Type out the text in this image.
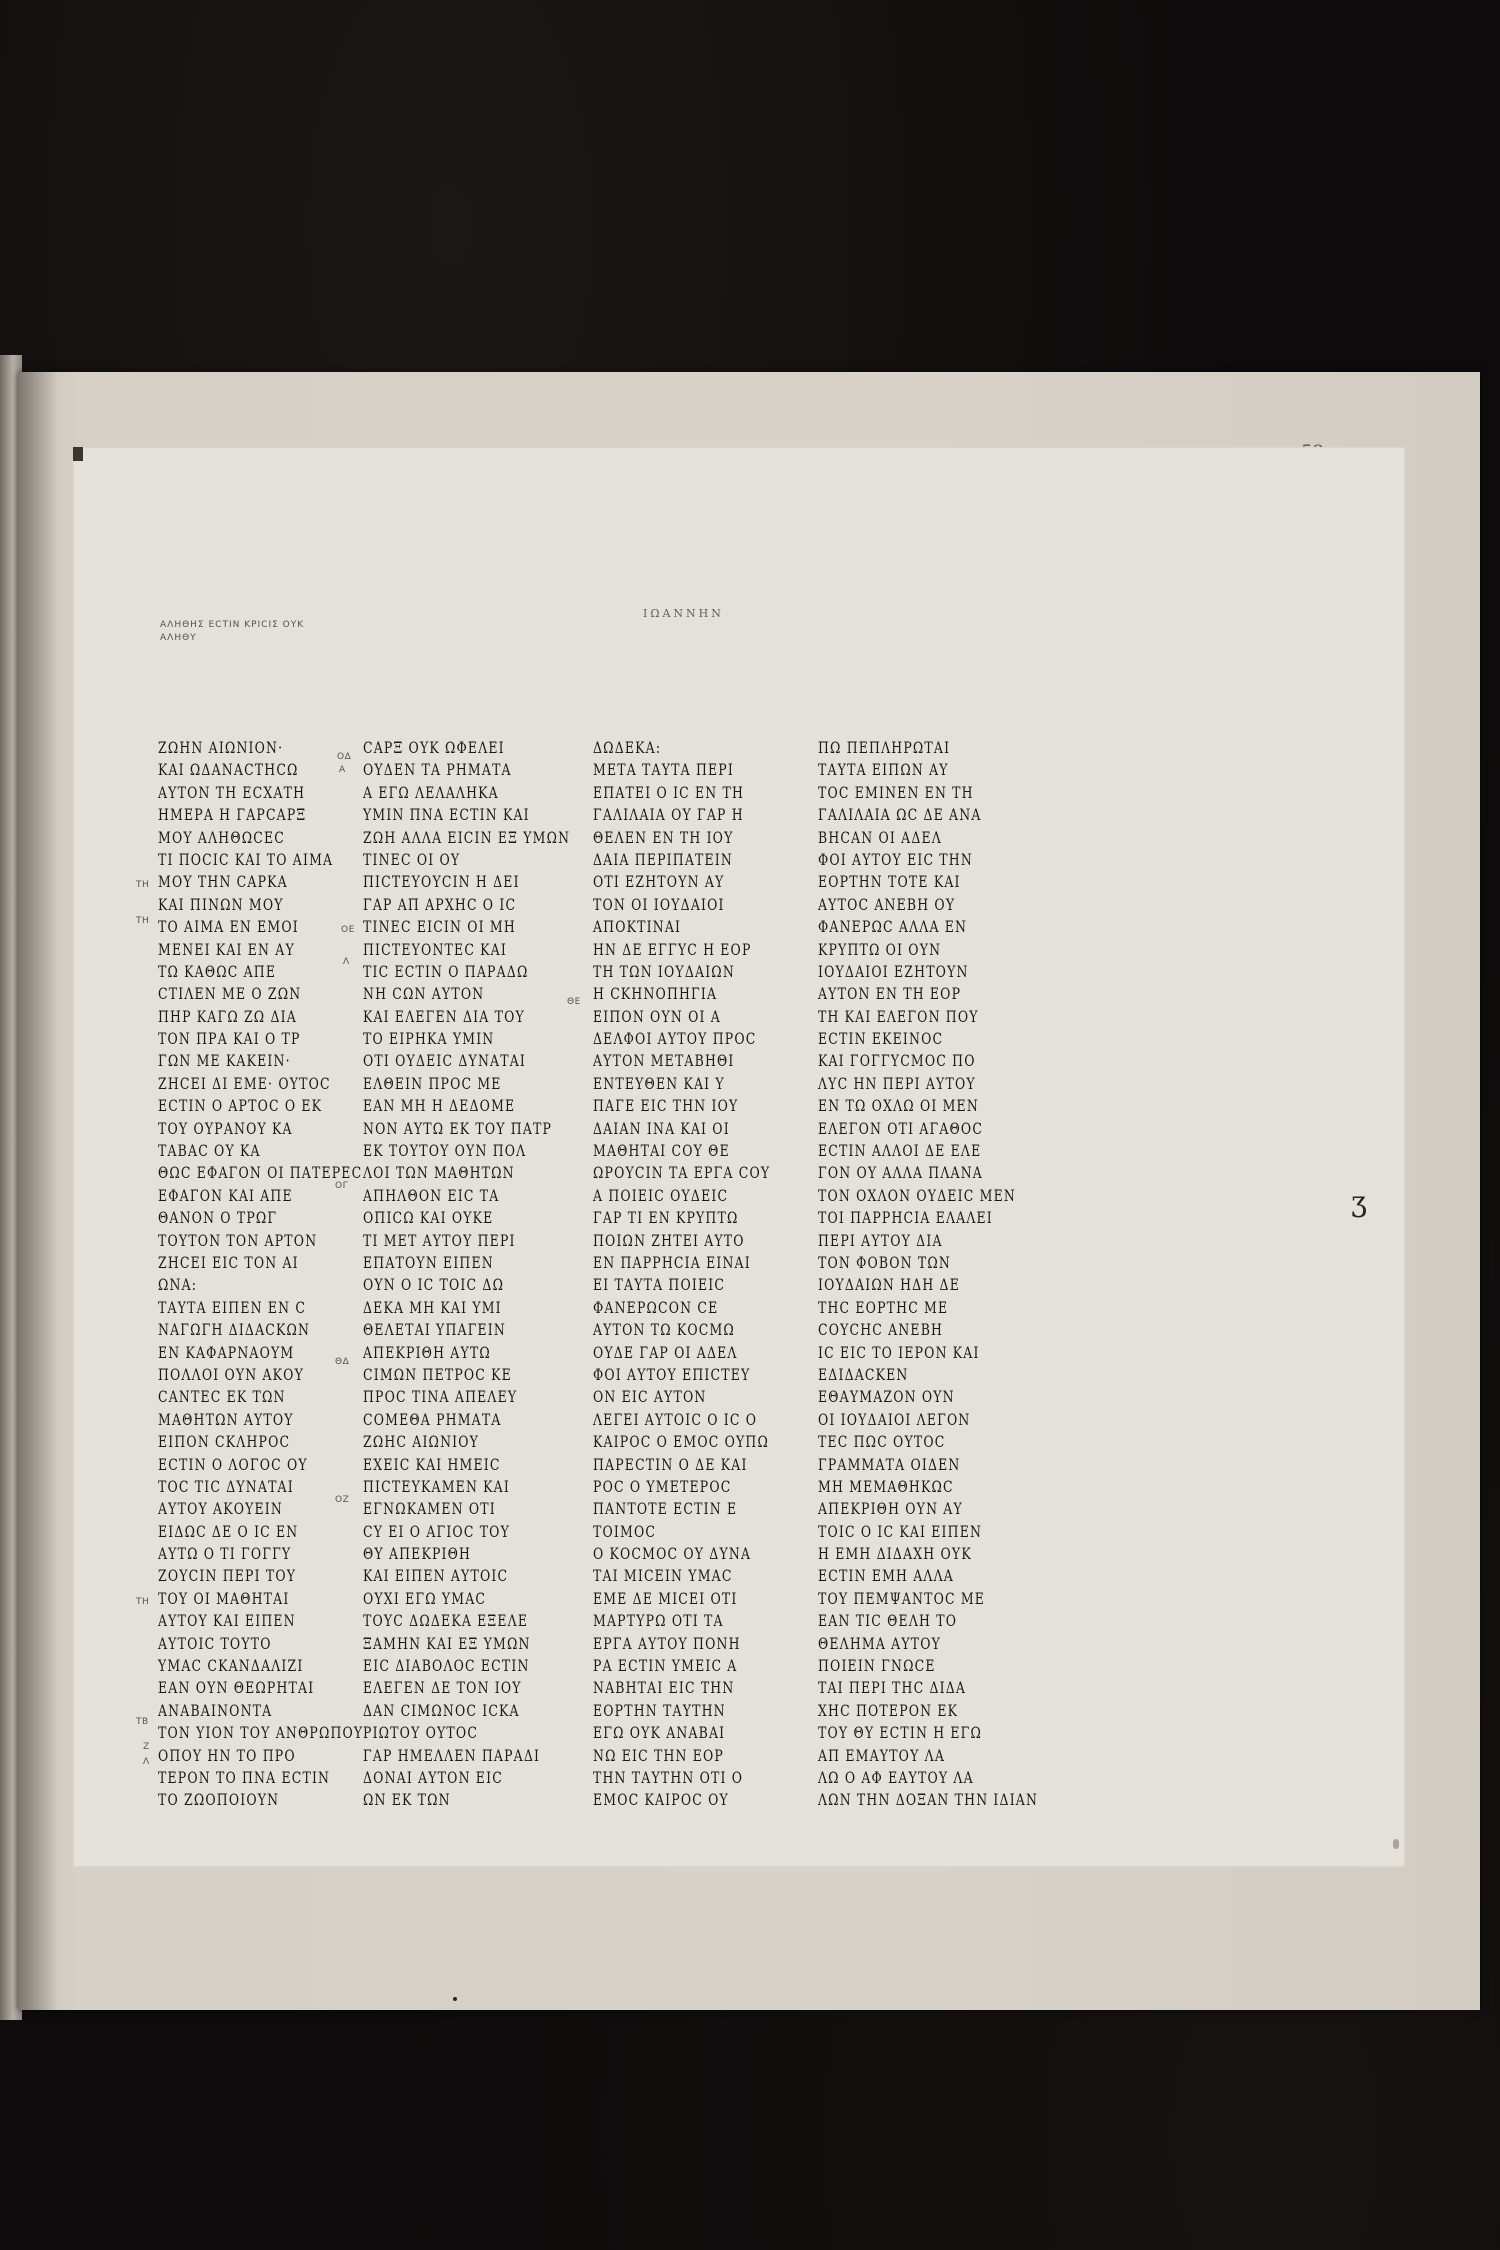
ΙΩΑΝΝΗΝ
ΑΛΗΘΗΣ ΕCΤΙΝ ΚΡΙCΙΣ ΟΥΚ
ΑΛΗΘΥ
ΤΗ
ΤΗ
ΤΗ
ΤΒ
Ζ
Λ
ΟΔ
Α
ΟΕ
Λ
ΟΓ
ΘΔ
ΟΖ
ΘΕ
ΖΩΗΝ ΑΙΩΝΙΟΝ·
ΚΑΙ ΩΔΑΝΑCΤΗCΩ
ΑΥΤΟΝ ΤΗ ΕCΧΑΤΗ
ΗΜΕΡΑ Η ΓΑΡCΑΡΞ
ΜΟΥ ΑΛΗΘΩCΕC
ΤΙ ΠΟCΙC ΚΑΙ ΤΟ ΑΙΜΑ
ΜΟΥ ΤΗΝ CΑΡΚΑ
ΚΑΙ ΠΙΝΩΝ ΜΟΥ
ΤΟ ΑΙΜΑ ΕΝ ΕΜΟΙ
ΜΕΝΕΙ ΚΑΙ ΕΝ ΑΥ
ΤΩ ΚΑΘΩC ΑΠΕ
CΤΙΛΕΝ ΜΕ Ο ΖΩΝ
ΠΗΡ ΚΑΓΩ ΖΩ ΔΙΑ
ΤΟΝ ΠΡΑ ΚΑΙ Ο ΤΡ
ΓΩΝ ΜΕ ΚΑΚΕΙΝ·
ΖΗCΕΙ ΔΙ ΕΜΕ· ΟΥΤΟC
ΕCΤΙΝ Ο ΑΡΤΟC Ο ΕΚ
ΤΟΥ ΟΥΡΑΝΟΥ ΚΑ
ΤΑΒΑC ΟΥ ΚΑ
ΘΩC ΕΦΑΓΟΝ ΟΙ ΠΑΤΕΡΕC
ΕΦΑΓΟΝ ΚΑΙ ΑΠΕ
ΘΑΝΟΝ Ο ΤΡΩΓ
ΤΟΥΤΟΝ ΤΟΝ ΑΡΤΟΝ
ΖΗCΕΙ ΕΙC ΤΟΝ ΑΙ
ΩΝΑ:
ΤΑΥΤΑ ΕΙΠΕΝ ΕΝ C
ΝΑΓΩΓΗ ΔΙΔΑCΚΩΝ
ΕΝ ΚΑΦΑΡΝΑΟΥΜ
ΠΟΛΛΟΙ ΟΥΝ ΑΚΟΥ
CΑΝΤΕC ΕΚ ΤΩΝ
ΜΑΘΗΤΩΝ ΑΥΤΟΥ
ΕΙΠΟΝ CΚΛΗΡΟC
ΕCΤΙΝ Ο ΛΟΓΟC ΟΥ
ΤΟC ΤΙC ΔΥΝΑΤΑΙ
ΑΥΤΟΥ ΑΚΟΥΕΙΝ
ΕΙΔΩC ΔΕ Ο ΙC ΕΝ
ΑΥΤΩ Ο ΤΙ ΓΟΓΓΥ
ΖΟΥCΙΝ ΠΕΡΙ ΤΟΥ
ΤΟΥ ΟΙ ΜΑΘΗΤΑΙ
ΑΥΤΟΥ ΚΑΙ ΕΙΠΕΝ
ΑΥΤΟΙC ΤΟΥΤΟ
ΥΜΑC CΚΑΝΔΑΛΙΖΙ
ΕΑΝ ΟΥΝ ΘΕΩΡΗΤΑΙ
ΑΝΑΒΑΙΝΟΝΤΑ
ΤΟΝ ΥΙΟΝ ΤΟΥ ΑΝΘΡΩΠΟΥ
ΟΠΟΥ ΗΝ ΤΟ ΠΡΟ
ΤΕΡΟΝ ΤΟ ΠΝΑ ΕCΤΙΝ
ΤΟ ΖΩΟΠΟΙΟΥΝ
CΑΡΞ ΟΥΚ ΩΦΕΛΕΙ
ΟΥΔΕΝ ΤΑ ΡΗΜΑΤΑ
Α ΕΓΩ ΛΕΛΑΛΗΚΑ
ΥΜΙΝ ΠΝΑ ΕCΤΙΝ ΚΑΙ
ΖΩΗ ΑΛΛΑ ΕΙCΙΝ ΕΞ ΥΜΩΝ
ΤΙΝΕC ΟΙ ΟΥ
ΠΙCΤΕΥΟΥCΙΝ Η ΔΕΙ
ΓΑΡ ΑΠ ΑΡΧΗC Ο ΙC
ΤΙΝΕC ΕΙCΙΝ ΟΙ ΜΗ
ΠΙCΤΕΥΟΝΤΕC ΚΑΙ
ΤΙC ΕCΤΙΝ Ο ΠΑΡΑΔΩ
ΝΗ CΩΝ ΑΥΤΟΝ
ΚΑΙ ΕΛΕΓΕΝ ΔΙΑ ΤΟΥ
ΤΟ ΕΙΡΗΚΑ ΥΜΙΝ
ΟΤΙ ΟΥΔΕΙC ΔΥΝΑΤΑΙ
ΕΛΘΕΙΝ ΠΡΟC ΜΕ
ΕΑΝ ΜΗ Η ΔΕΔΟΜΕ
ΝΟΝ ΑΥΤΩ ΕΚ ΤΟΥ ΠΑΤΡ
ΕΚ ΤΟΥΤΟΥ ΟΥΝ ΠΟΛ
ΛΟΙ ΤΩΝ ΜΑΘΗΤΩΝ
ΑΠΗΛΘΟΝ ΕΙC ΤΑ
ΟΠΙCΩ ΚΑΙ ΟΥΚΕ
ΤΙ ΜΕΤ ΑΥΤΟΥ ΠΕΡΙ
ΕΠΑΤΟΥΝ ΕΙΠΕΝ
ΟΥΝ Ο ΙC ΤΟΙC ΔΩ
ΔΕΚΑ ΜΗ ΚΑΙ ΥΜΙ
ΘΕΛΕΤΑΙ ΥΠΑΓΕΙΝ
ΑΠΕΚΡΙΘΗ ΑΥΤΩ
CΙΜΩΝ ΠΕΤΡΟC ΚΕ
ΠΡΟC ΤΙΝΑ ΑΠΕΛΕΥ
CΟΜΕΘΑ ΡΗΜΑΤΑ
ΖΩΗC ΑΙΩΝΙΟΥ
ΕΧΕΙC ΚΑΙ ΗΜΕΙC
ΠΙCΤΕΥΚΑΜΕΝ ΚΑΙ
ΕΓΝΩΚΑΜΕΝ ΟΤΙ
CΥ ΕΙ Ο ΑΓΙΟC ΤΟΥ
ΘΥ ΑΠΕΚΡΙΘΗ
ΚΑΙ ΕΙΠΕΝ ΑΥΤΟΙC
ΟΥΧΙ ΕΓΩ ΥΜΑC
ΤΟΥC ΔΩΔΕΚΑ ΕΞΕΛΕ
ΞΑΜΗΝ ΚΑΙ ΕΞ ΥΜΩΝ
ΕΙC ΔΙΑΒΟΛΟC ΕCΤΙΝ
ΕΛΕΓΕΝ ΔΕ ΤΟΝ ΙΟΥ
ΔΑΝ CΙΜΩΝΟC ΙCΚΑ
ΡΙΩΤΟΥ ΟΥΤΟC
ΓΑΡ ΗΜΕΛΛΕΝ ΠΑΡΑΔΙ
ΔΟΝΑΙ ΑΥΤΟΝ ΕΙC
ΩΝ ΕΚ ΤΩΝ
ΔΩΔΕΚΑ:
ΜΕΤΑ ΤΑΥΤΑ ΠΕΡΙ
ΕΠΑΤΕΙ Ο ΙC ΕΝ ΤΗ
ΓΑΛΙΛΑΙΑ ΟΥ ΓΑΡ Η
ΘΕΛΕΝ ΕΝ ΤΗ ΙΟΥ
ΔΑΙΑ ΠΕΡΙΠΑΤΕΙΝ
ΟΤΙ ΕΖΗΤΟΥΝ ΑΥ
ΤΟΝ ΟΙ ΙΟΥΔΑΙΟΙ
ΑΠΟΚΤΙΝΑΙ
ΗΝ ΔΕ ΕΓΓΥC Η ΕΟΡ
ΤΗ ΤΩΝ ΙΟΥΔΑΙΩΝ
Η CΚΗΝΟΠΗΓΙΑ
ΕΙΠΟΝ ΟΥΝ ΟΙ Α
ΔΕΛΦΟΙ ΑΥΤΟΥ ΠΡΟC
ΑΥΤΟΝ ΜΕΤΑΒΗΘΙ
ΕΝΤΕΥΘΕΝ ΚΑΙ Υ
ΠΑΓΕ ΕΙC ΤΗΝ ΙΟΥ
ΔΑΙΑΝ ΙΝΑ ΚΑΙ ΟΙ
ΜΑΘΗΤΑΙ CΟΥ ΘΕ
ΩΡΟΥCΙΝ ΤΑ ΕΡΓΑ CΟΥ
Α ΠΟΙΕΙC ΟΥΔΕΙC
ΓΑΡ ΤΙ ΕΝ ΚΡΥΠΤΩ
ΠΟΙΩΝ ΖΗΤΕΙ ΑΥΤΟ
ΕΝ ΠΑΡΡΗCΙΑ ΕΙΝΑΙ
ΕΙ ΤΑΥΤΑ ΠΟΙΕΙC
ΦΑΝΕΡΩCΟΝ CΕ
ΑΥΤΟΝ ΤΩ ΚΟCΜΩ
ΟΥΔΕ ΓΑΡ ΟΙ ΑΔΕΛ
ΦΟΙ ΑΥΤΟΥ ΕΠΙCΤΕΥ
ΟΝ ΕΙC ΑΥΤΟΝ
ΛΕΓΕΙ ΑΥΤΟΙC Ο ΙC Ο
ΚΑΙΡΟC Ο ΕΜΟC ΟΥΠΩ
ΠΑΡΕCΤΙΝ Ο ΔΕ ΚΑΙ
ΡΟC Ο ΥΜΕΤΕΡΟC
ΠΑΝΤΟΤΕ ΕCΤΙΝ Ε
ΤΟΙΜΟC
Ο ΚΟCΜΟC ΟΥ ΔΥΝΑ
ΤΑΙ ΜΙCΕΙΝ ΥΜΑC
ΕΜΕ ΔΕ ΜΙCΕΙ ΟΤΙ
ΜΑΡΤΥΡΩ ΟΤΙ ΤΑ
ΕΡΓΑ ΑΥΤΟΥ ΠΟΝΗ
ΡΑ ΕCΤΙΝ ΥΜΕΙC Α
ΝΑΒΗΤΑΙ ΕΙC ΤΗΝ
ΕΟΡΤΗΝ ΤΑΥΤΗΝ
ΕΓΩ ΟΥΚ ΑΝΑΒΑΙ
ΝΩ ΕΙC ΤΗΝ ΕΟΡ
ΤΗΝ ΤΑΥΤΗΝ ΟΤΙ Ο
ΕΜΟC ΚΑΙΡΟC ΟΥ
ΠΩ ΠΕΠΛΗΡΩΤΑΙ
ΤΑΥΤΑ ΕΙΠΩΝ ΑΥ
ΤΟC ΕΜΙΝΕΝ ΕΝ ΤΗ
ΓΑΛΙΛΑΙΑ ΩC ΔΕ ΑΝΑ
ΒΗCΑΝ ΟΙ ΑΔΕΛ
ΦΟΙ ΑΥΤΟΥ ΕΙC ΤΗΝ
ΕΟΡΤΗΝ ΤΟΤΕ ΚΑΙ
ΑΥΤΟC ΑΝΕΒΗ ΟΥ
ΦΑΝΕΡΩC ΑΛΛΑ ΕΝ
ΚΡΥΠΤΩ ΟΙ ΟΥΝ
ΙΟΥΔΑΙΟΙ ΕΖΗΤΟΥΝ
ΑΥΤΟΝ ΕΝ ΤΗ ΕΟΡ
ΤΗ ΚΑΙ ΕΛΕΓΟΝ ΠΟΥ
ΕCΤΙΝ ΕΚΕΙΝΟC
ΚΑΙ ΓΟΓΓΥCΜΟC ΠΟ
ΛΥC ΗΝ ΠΕΡΙ ΑΥΤΟΥ
ΕΝ ΤΩ ΟΧΛΩ ΟΙ ΜΕΝ
ΕΛΕΓΟΝ ΟΤΙ ΑΓΑΘΟC
ΕCΤΙΝ ΑΛΛΟΙ ΔΕ ΕΛΕ
ΓΟΝ ΟΥ ΑΛΛΑ ΠΛΑΝΑ
ΤΟΝ ΟΧΛΟΝ ΟΥΔΕΙC ΜΕΝ
ΤΟΙ ΠΑΡΡΗCΙΑ ΕΛΑΛΕΙ
ΠΕΡΙ ΑΥΤΟΥ ΔΙΑ
ΤΟΝ ΦΟΒΟΝ ΤΩΝ
ΙΟΥΔΑΙΩΝ ΗΔΗ ΔΕ
ΤΗC ΕΟΡΤΗC ΜΕ
CΟΥCΗC ΑΝΕΒΗ
ΙC ΕΙC ΤΟ ΙΕΡΟΝ ΚΑΙ
ΕΔΙΔΑCΚΕΝ
ΕΘΑΥΜΑΖΟΝ ΟΥΝ
ΟΙ ΙΟΥΔΑΙΟΙ ΛΕΓΟΝ
ΤΕC ΠΩC ΟΥΤΟC
ΓΡΑΜΜΑΤΑ ΟΙΔΕΝ
ΜΗ ΜΕΜΑΘΗΚΩC
ΑΠΕΚΡΙΘΗ ΟΥΝ ΑΥ
ΤΟΙC Ο ΙC ΚΑΙ ΕΙΠΕΝ
Η ΕΜΗ ΔΙΔΑΧΗ ΟΥΚ
ΕCΤΙΝ ΕΜΗ ΑΛΛΑ
ΤΟΥ ΠΕΜΨΑΝΤΟC ΜΕ
ΕΑΝ ΤΙC ΘΕΛΗ ΤΟ
ΘΕΛΗΜΑ ΑΥΤΟΥ
ΠΟΙΕΙΝ ΓΝΩCΕ
ΤΑΙ ΠΕΡΙ ΤΗC ΔΙΔΑ
ΧΗC ΠΟΤΕΡΟΝ ΕΚ
ΤΟΥ ΘΥ ΕCΤΙΝ Η ΕΓΩ
ΑΠ ΕΜΑΥΤΟΥ ΛΑ
ΛΩ Ο ΑΦ ΕΑΥΤΟΥ ΛΑ
ΛΩΝ ΤΗΝ ΔΟΞΑΝ ΤΗΝ ΙΔΙΑΝ
ʒ
